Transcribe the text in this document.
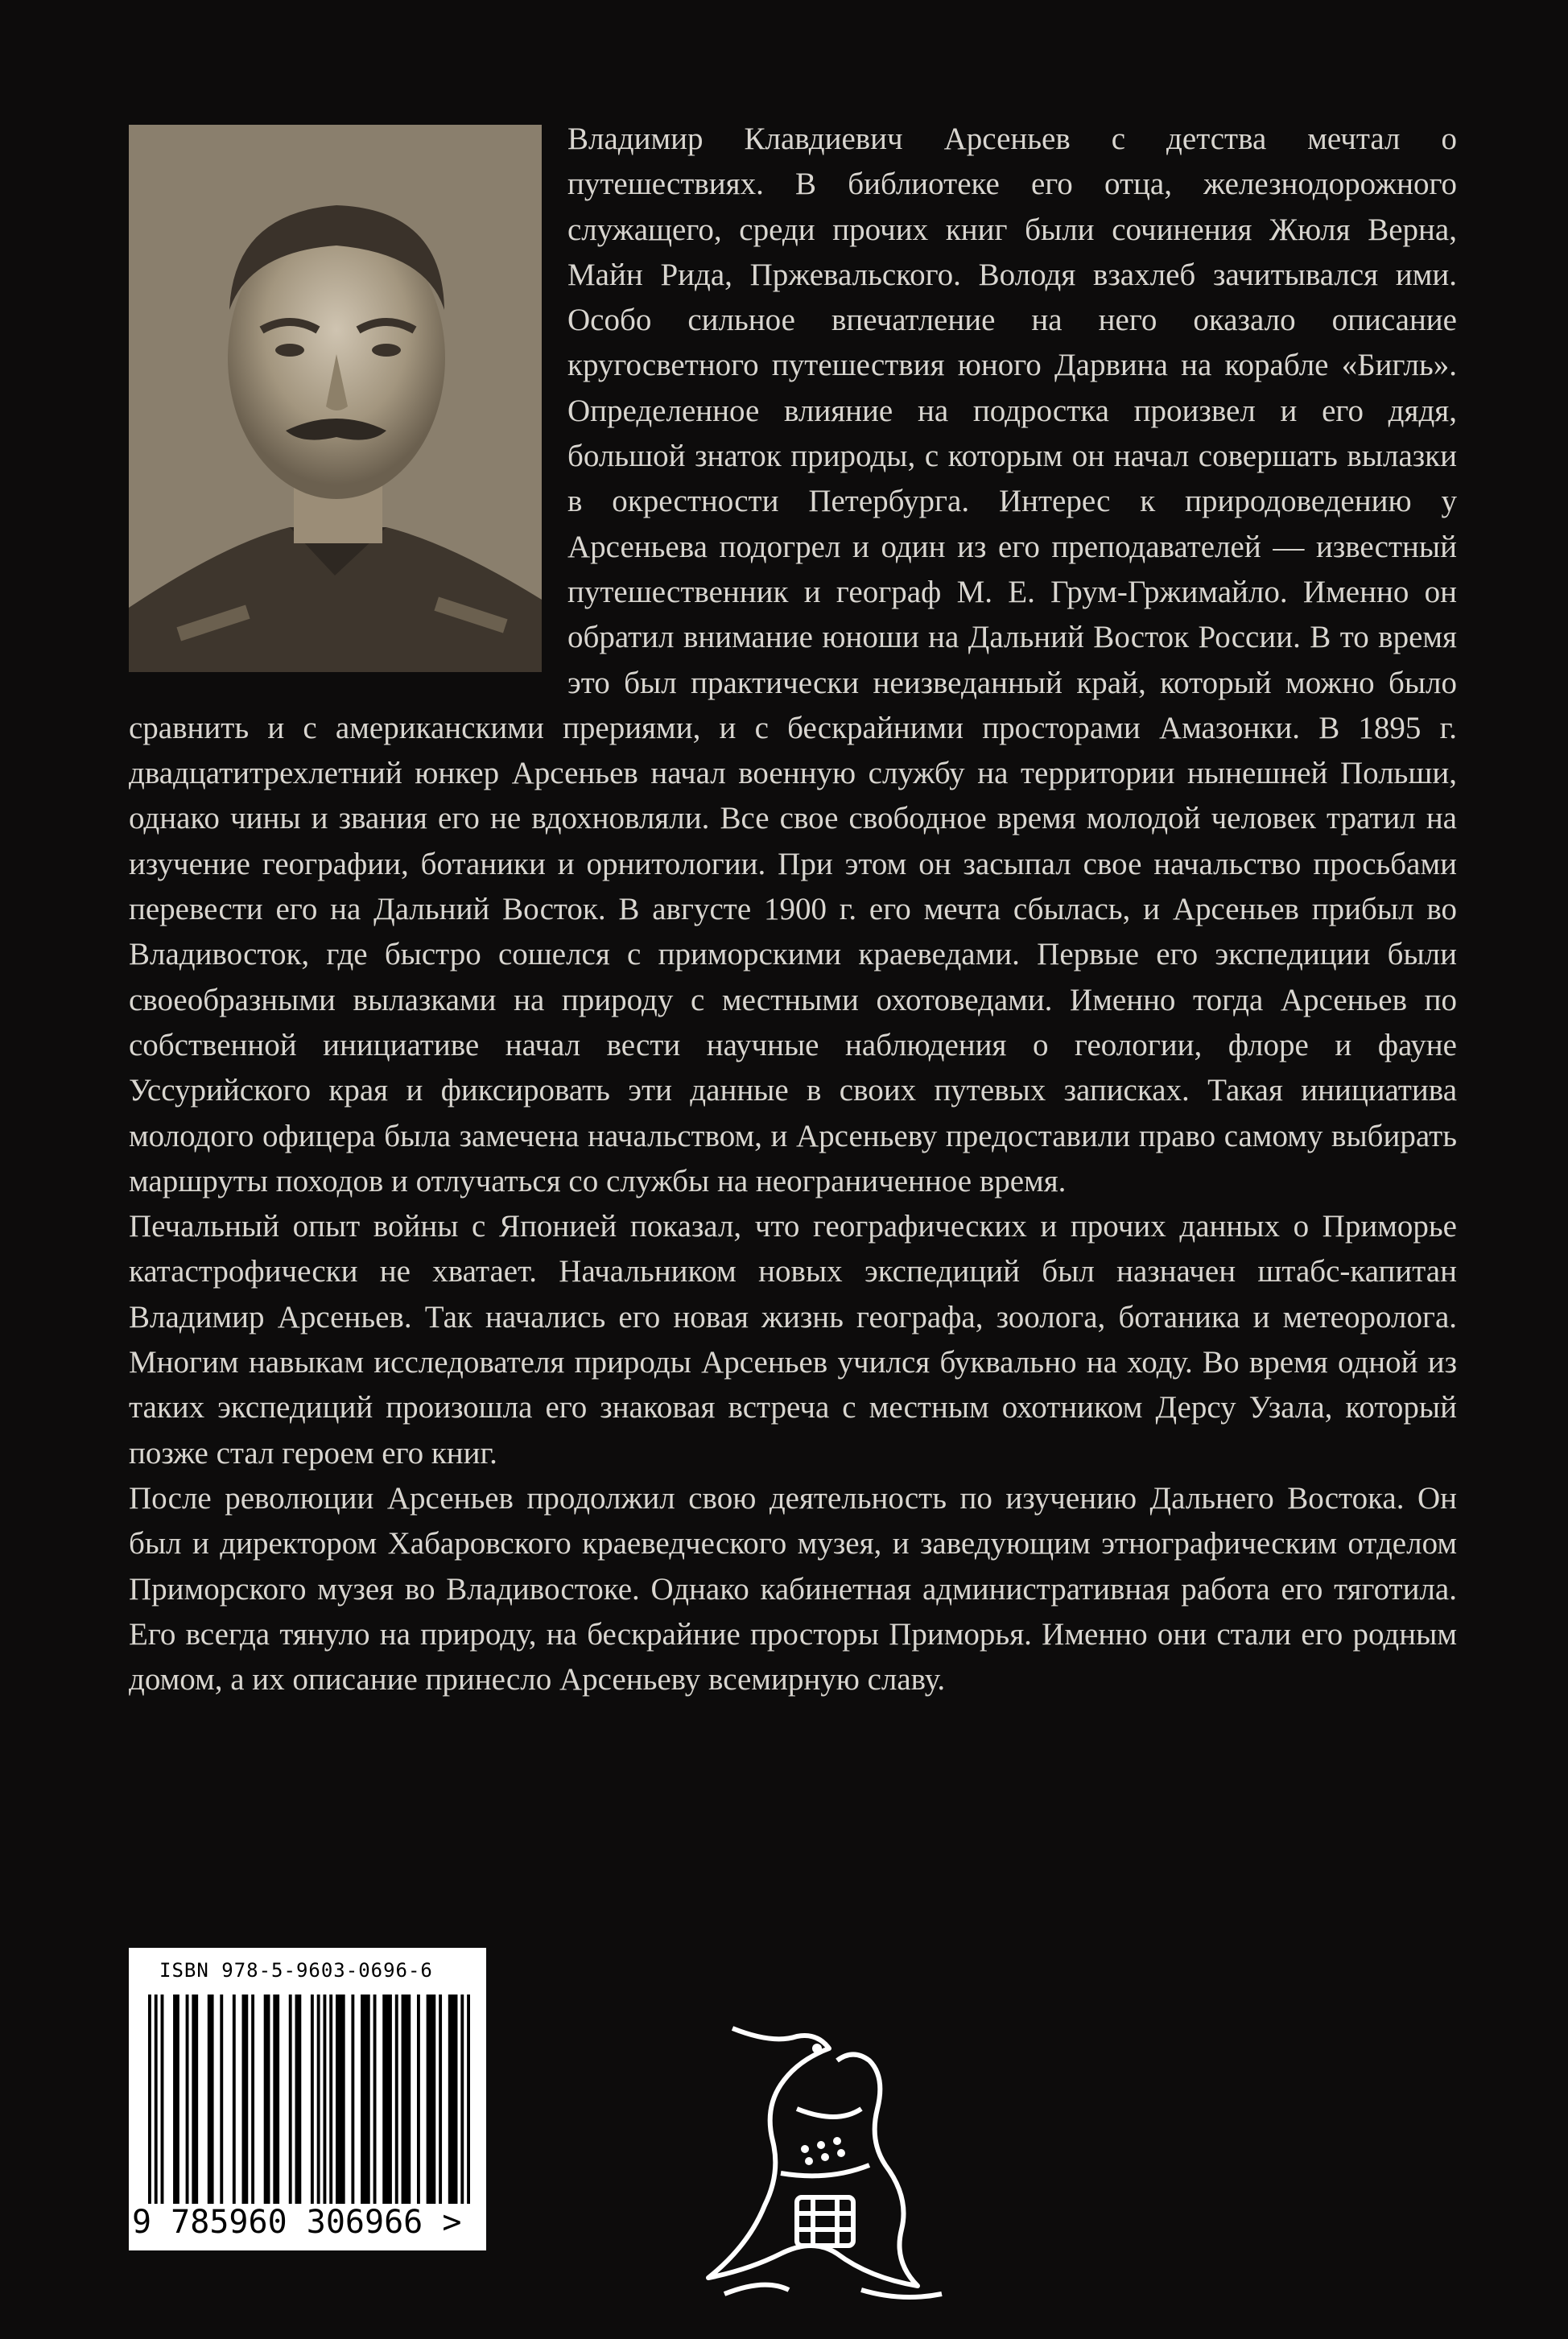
Владимир Клавдиевич Арсеньев с детства мечтал о путешествиях. В библиотеке его отца, железнодорожного служащего, среди прочих книг были сочинения Жюля Верна, Майн Рида, Пржевальского. Володя взахлеб зачитывался ими. Особо сильное впечатление на него оказало описание кругосветного путешествия юного Дарвина на корабле «Бигль». Определенное влияние на подростка произвел и его дядя, большой знаток природы, с которым он начал совершать вылазки в окрестности Петербурга. Интерес к природоведению у Арсеньева подогрел и один из его преподавателей — известный путешественник и географ М. Е. Грум-Гржимайло. Именно он обратил внимание юноши на Дальний Восток России. В то время это был практически неизведанный край, который можно было сравнить и с американскими прериями, и с бескрайними просторами Амазонки. В 1895 г. двадцатитрехлетний юнкер Арсеньев начал военную службу на территории нынешней Польши, однако чины и звания его не вдохновляли. Все свое свободное время молодой человек тратил на изучение географии, ботаники и орнитологии. При этом он засыпал свое начальство просьбами перевести его на Дальний Восток. В августе 1900 г. его мечта сбылась, и Арсеньев прибыл во Владивосток, где быстро сошелся с приморскими краеведами. Первые его экспедиции были своеобразными вылазками на природу с местными охотоведами. Именно тогда Арсеньев по собственной инициативе начал вести научные наблюдения о геологии, флоре и фауне Уссурийского края и фиксировать эти данные в своих путевых записках. Такая инициатива молодого офицера была замечена начальством, и Арсеньеву предоставили право самому выбирать маршруты походов и отлучаться со службы на неограниченное время.

Печальный опыт войны с Японией показал, что географических и прочих данных о Приморье катастрофически не хватает. Начальником новых экспедиций был назначен штабс-капитан Владимир Арсеньев. Так начались его новая жизнь географа, зоолога, ботаника и метеоролога. Многим навыкам исследователя природы Арсеньев учился буквально на ходу. Во время одной из таких экспедиций произошла его знаковая встреча с местным охотником Дерсу Узала, который позже стал героем его книг.

После революции Арсеньев продолжил свою деятельность по изучению Дальнего Востока. Он был и директором Хабаровского краеведческого музея, и заведующим этнографическим отделом Приморского музея во Владивостоке. Однако кабинетная административная работа его тяготила. Его всегда тянуло на природу, на бескрайние просторы Приморья. Именно они стали его родным домом, а их описание принесло Арсеньеву всемирную славу.

ISBN 978-5-9603-0696-6
9 785960 306966 >
